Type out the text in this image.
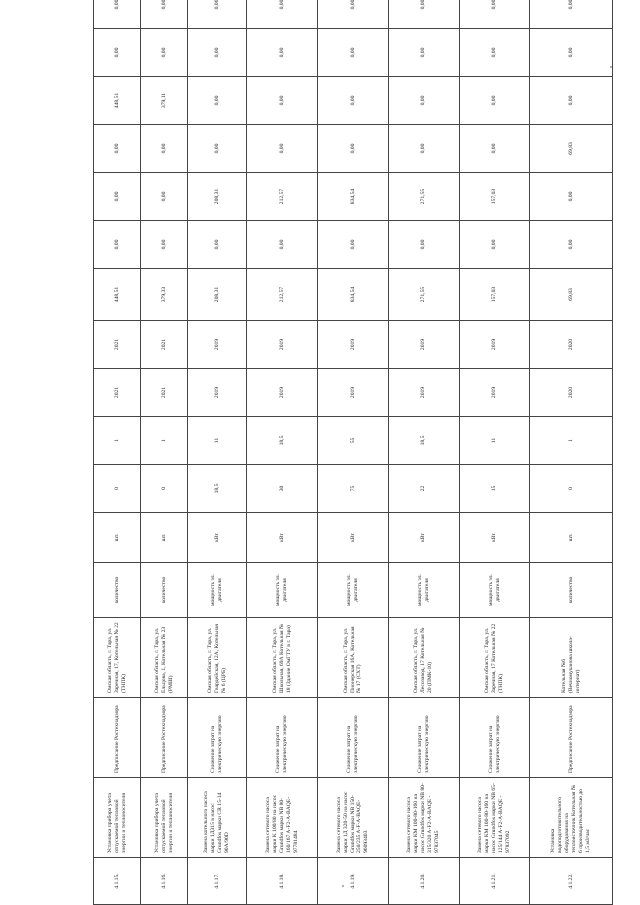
4.1.15.	Установка прибора учета отпускаемой тепловой энергии и теплоносителя	Предписание Ростехнадзора	Омская область, г. Тара, ул. Заречная, 17, Котельная № 22 (ТНПК)	количество	шт.	0	1	2021	2021	448,51	0,00	0,00	0,00	448,51	0,00	0,00
4.1.16.	Установка прибора учета отпускаемой тепловой энергии и теплоносителя	Предписание Ростехнадзора	Омская область, г. Тара, ул. Ельцова, 1, Котельная № 23 (РМШ)	количество	шт.	0	1	2021	2021	379,33	0,00	0,00	0,00	379,11	0,00	0,00
4.1.17.	Замена котельного насоса марки 1Д315 в насос Grundfos марки CR 15-14 90A/90D	Снижение затрат на электрическую энергию	Омская область, г. Тара, ул. Гвардейская, 12А, Котельная № 6 (ЦРБ)	мощность эл. двигателя	кВт	18,5	11	2019	2019	208,31	0,00	208,31	0,00	0,00	0,00	0,06
4.1.18.	Замена сетевого насоса марки К 100/80 на насос Grundfos марки NB 80-160/167 A-F2-A-BAQE-97781484	Снижение затрат на электрическую энергию	Омская область, г. Тара, ул. Школьная, 69А Котельная № 18 (Здание ОмГТУ в г. Тара)	мощность эл. двигателя	кВт	30	18,5	2019	2019	212,57	0,00	212,57	0,00	0,00	0,00	0,00
4.1.19.	Замена сетевого насоса марки 1Д 320-50 на насос Grundfos марки NB 150-250/235 A-F-A-BAQE-96093403	Снижение затрат на электрическую энергию	Омская область, г. Тара, ул. Пионерская 16А, Котельная № 17 (СХТ)	мощность эл. двигателя	кВт	75	55	2019	2019	834,54	0,00	834,54	0,00	0,00	0,00	0,00
4.1.20.	Замена сетевого насоса марки КМ 100-80-160 на насос Grundfos марки NB 80-315/320 A-F2-A-BAQE - 97837045	Снижение затрат на электрическую энергию	Омская область, г. Тара, ул. Лесозавод, 17 Котельная № 20 (ПМК-10)	мощность эл. двигателя	кВт	22	18,5	2019	2019	271,55	0,00	271,55	0,00	0,00	0,00	0,00
4.1.21.	Замена сетевого насоса марки КМ 100-80-160 на насос Grundfos марки NB 65-125/144 A-F2-A-BAQE - 97837092	Снижение затрат на электрическую энергию	Омская область, г. Тара, ул. Заречная, 17 Котельная № 22 (ТНПК)	мощность эл. двигателя	кВт	15	11	2019	2019	157,03	0,00	157,03	0,00	0,00	0,00	0,00
4.1.22.	Установка водоподготовительного оборудования на теплоисточник Котельная № 6 производительностью до 1,5 м3/час	Предписание Ростехнадзора	Котельная №6 (Вечномуканова школа-интернат)	количество	шт.	0	1	2020	2020	69,83	0,00	0,00	69,83	0,00	0,00	0,00
